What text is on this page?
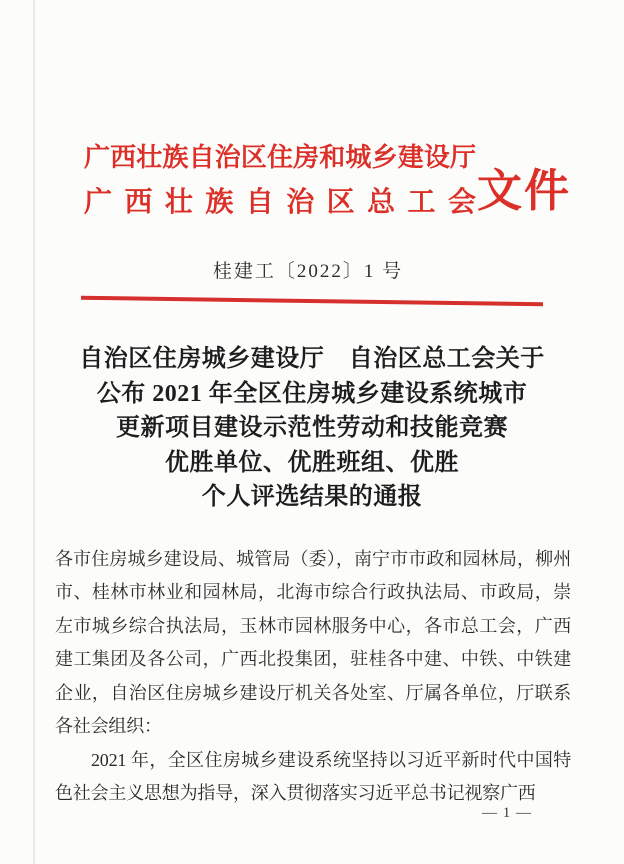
广西壮族自治区住房和城乡建设厅
广西壮族自治区总工会 文件
桂建工〔2022〕1 号
自治区住房城乡建设厅　自治区总工会关于
公布 2021 年全区住房城乡建设系统城市
更新项目建设示范性劳动和技能竞赛
优胜单位、优胜班组、优胜
个人评选结果的通报

各市住房城乡建设局、城管局（委），南宁市市政和园林局，柳州市、桂林市林业和园林局，北海市综合行政执法局、市政局，崇左市城乡综合执法局，玉林市园林服务中心，各市总工会，广西建工集团及各公司，广西北投集团，驻桂各中建、中铁、中铁建企业，自治区住房城乡建设厅机关各处室、厅属各单位，厅联系各社会组织：

2021 年，全区住房城乡建设系统坚持以习近平新时代中国特色社会主义思想为指导，深入贯彻落实习近平总书记视察广西

— 1 —
